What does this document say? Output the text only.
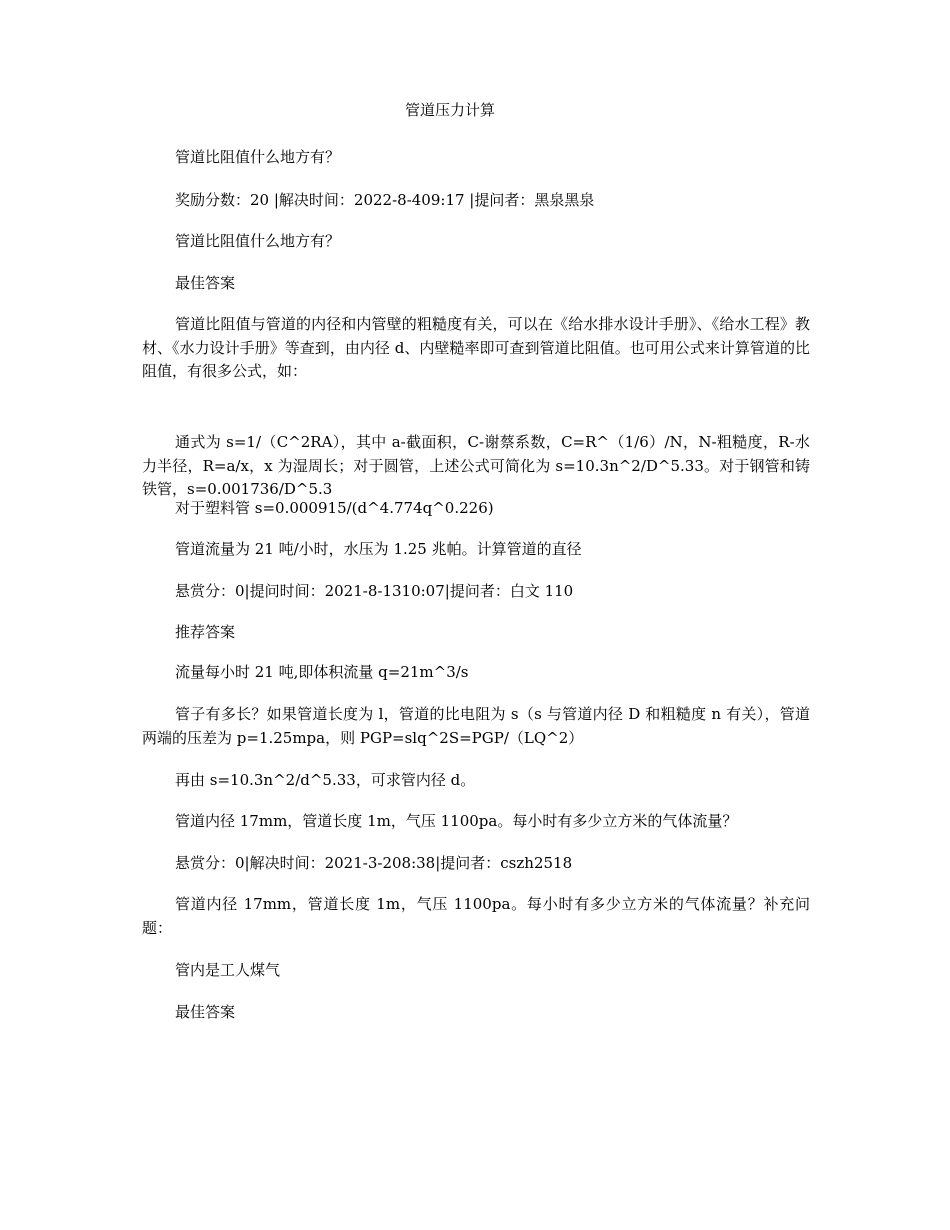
管道压力计算
管道比阻值什么地方有？
奖励分数：20 |解决时间：2022-8-409:17 |提问者：黑泉黑泉
管道比阻值什么地方有？
最佳答案
管道比阻值与管道的内径和内管壁的粗糙度有关，可以在《给水排水设计手册》、《给水工程》教材、《水力设计手册》等查到，由内径 d、内壁糙率即可查到管道比阻值。也可用公式来计算管道的比阻值，有很多公式，如：
通式为 s=1/（C^2RA），其中 a-截面积，C-谢蔡系数，C=R^（1/6）/N，N-粗糙度，R-水力半径，R=a/x，x 为湿周长；对于圆管，上述公式可简化为 s=10.3n^2/D^5.33。对于钢管和铸铁管，s=0.001736/D^5.3
对于塑料管 s=0.000915/(d^4.774q^0.226)
管道流量为 21 吨/小时，水压为 1.25 兆帕。计算管道的直径
悬赏分：0|提问时间：2021-8-1310:07|提问者：白文 110
推荐答案
流量每小时 21 吨,即体积流量 q=21m^3/s
管子有多长？如果管道长度为 l，管道的比电阻为 s（s 与管道内径 D 和粗糙度 n 有关），管道两端的压差为 p=1.25mpa，则 PGP=slq^2S=PGP/（LQ^2）
再由 s=10.3n^2/d^5.33，可求管内径 d。
管道内径 17mm，管道长度 1m，气压 1100pa。每小时有多少立方米的气体流量？
悬赏分：0|解决时间：2021-3-208:38|提问者：cszh2518
管道内径 17mm，管道长度 1m，气压 1100pa。每小时有多少立方米的气体流量？补充问题：
管内是工人煤气
最佳答案
